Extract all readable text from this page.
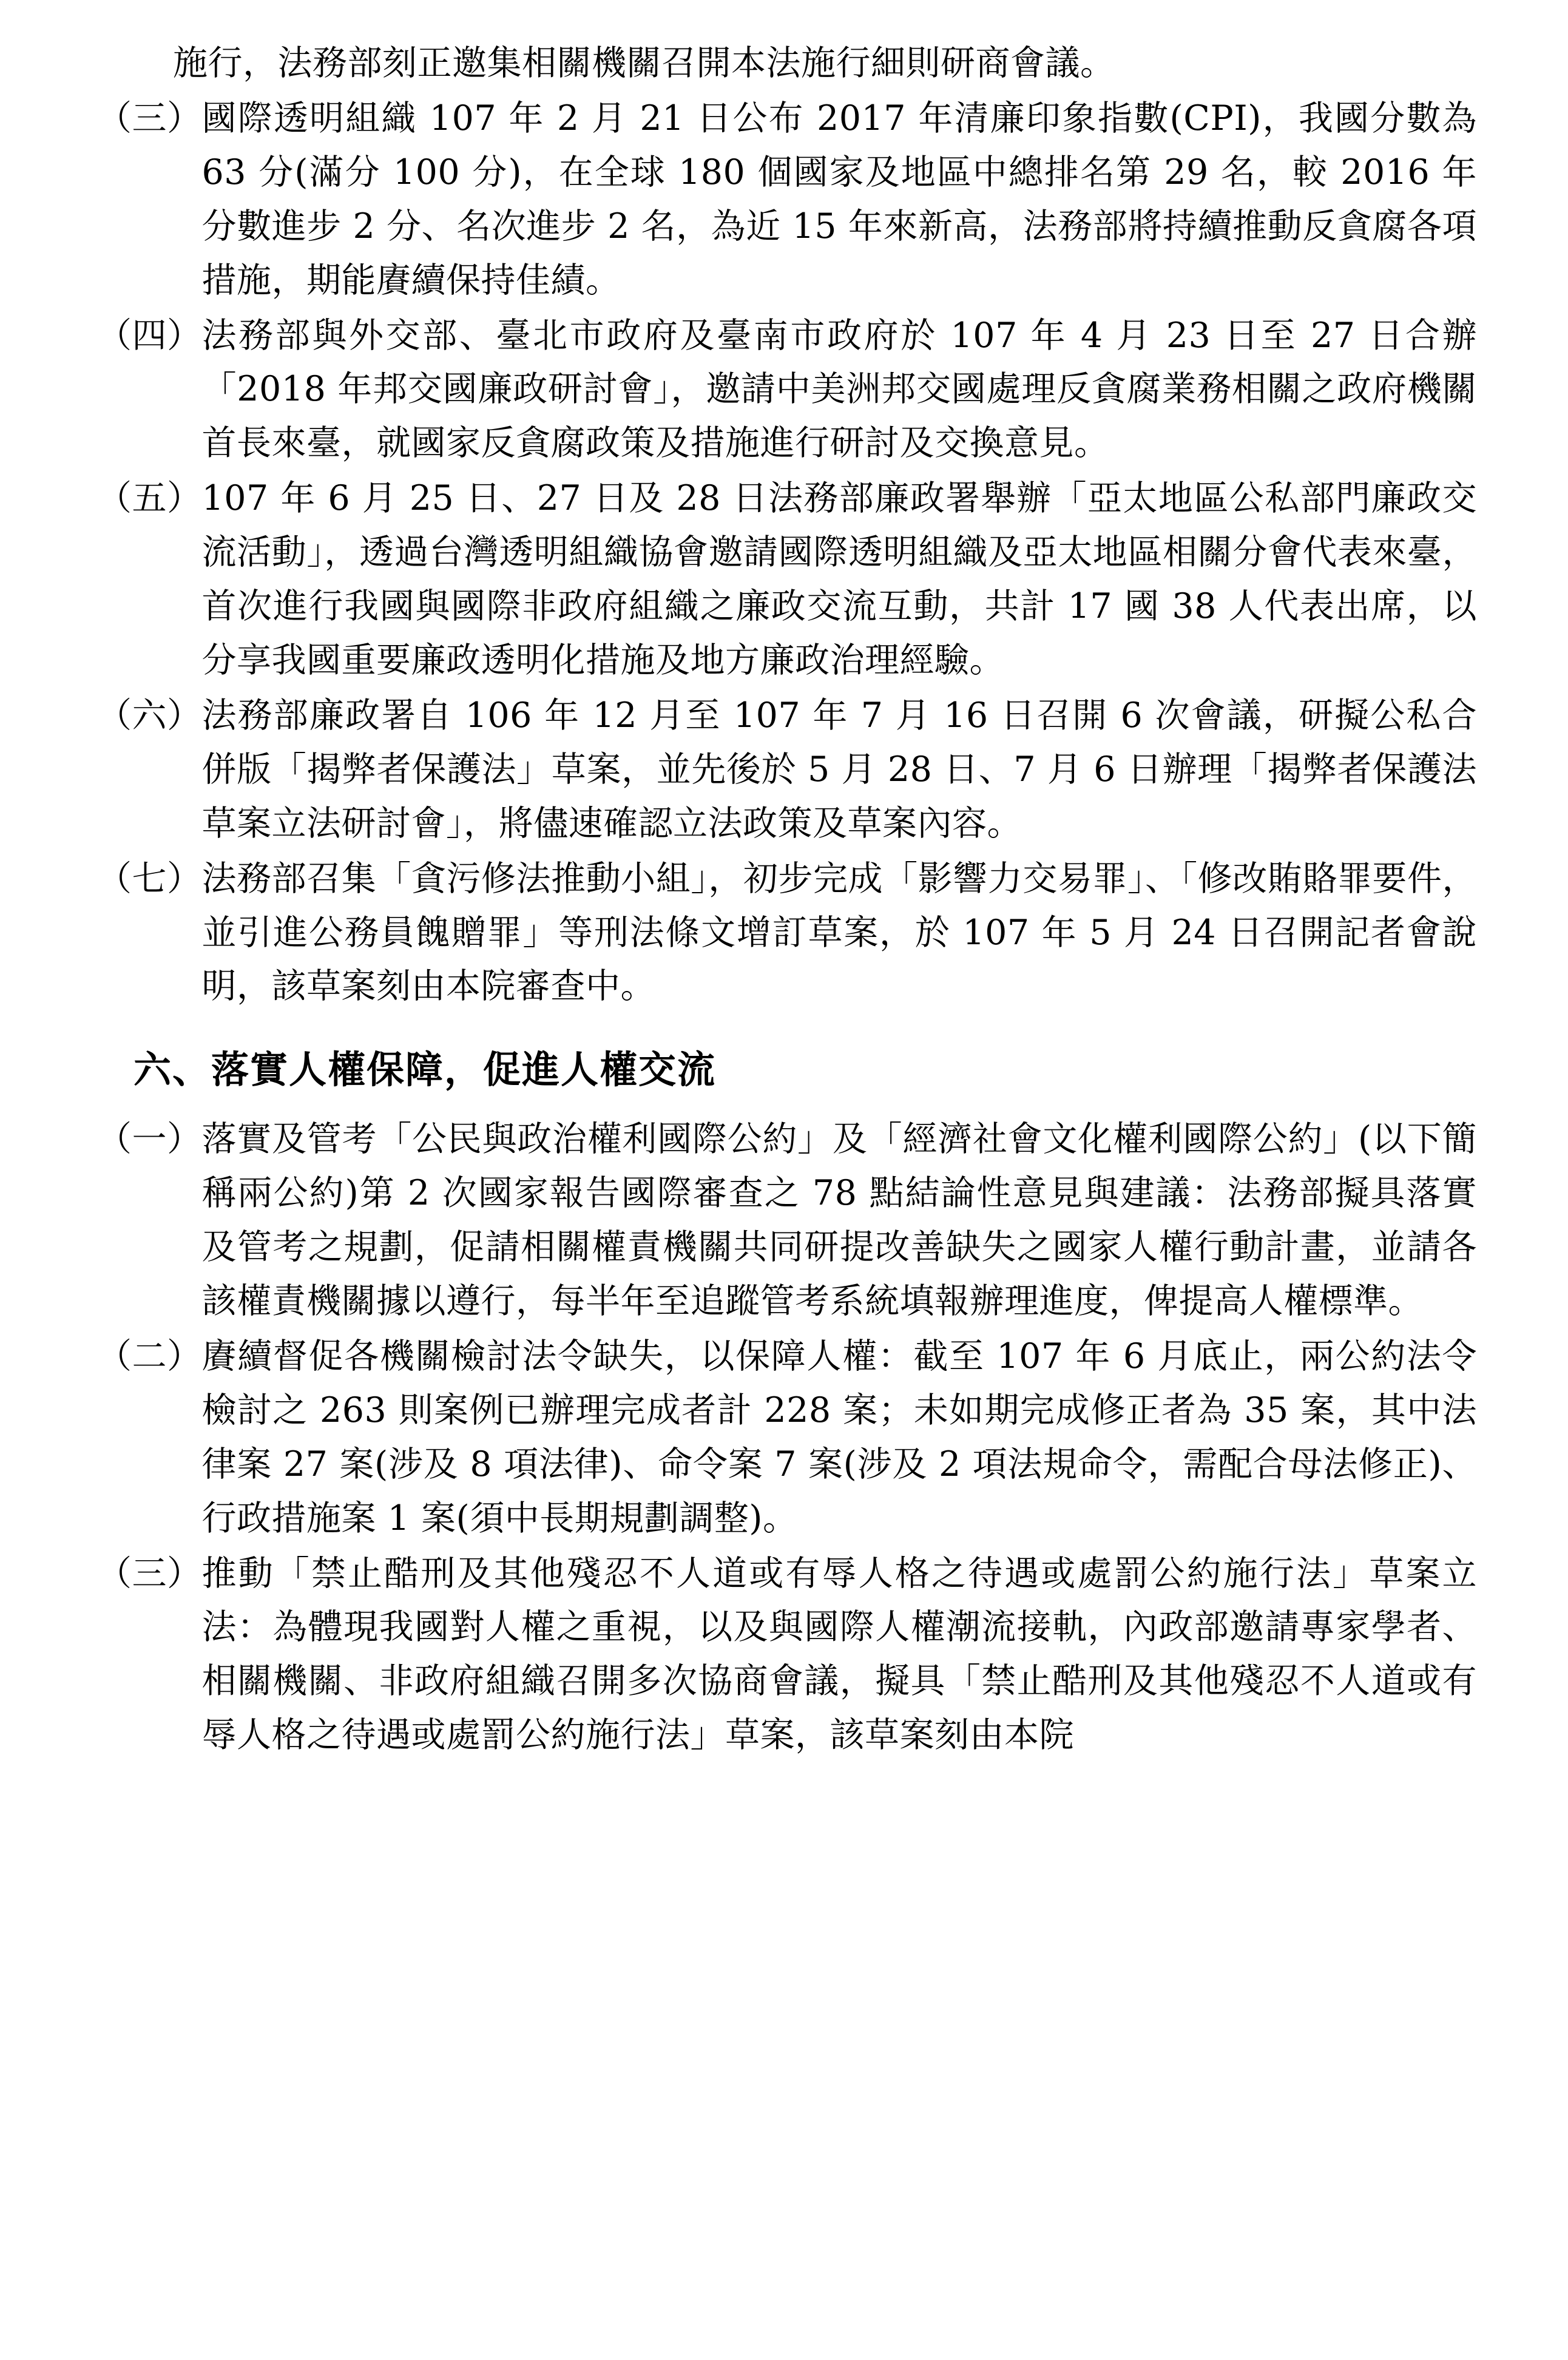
施行，法務部刻正邀集相關機關召開本法施行細則研商會議。
（三） 國際透明組織 107 年 2 月 21 日公布 2017 年清廉印象指數(CPI)，我國分數為 63 分(滿分 100 分)，在全球 180 個國家及地區中總排名第 29 名，較 2016 年分數進步 2 分、名次進步 2 名，為近 15 年來新高，法務部將持續推動反貪腐各項措施，期能賡續保持佳績。
（四） 法務部與外交部、臺北市政府及臺南市政府於 107 年 4 月 23 日至 27 日合辦「2018 年邦交國廉政研討會」，邀請中美洲邦交國處理反貪腐業務相關之政府機關首長來臺，就國家反貪腐政策及措施進行研討及交換意見。
（五） 107 年 6 月 25 日、27 日及 28 日法務部廉政署舉辦「亞太地區公私部門廉政交流活動」，透過台灣透明組織協會邀請國際透明組織及亞太地區相關分會代表來臺，首次進行我國與國際非政府組織之廉政交流互動，共計 17 國 38 人代表出席，以分享我國重要廉政透明化措施及地方廉政治理經驗。
（六） 法務部廉政署自 106 年 12 月至 107 年 7 月 16 日召開 6 次會議，研擬公私合併版「揭弊者保護法」草案，並先後於 5 月 28 日、7 月 6 日辦理「揭弊者保護法草案立法研討會」，將儘速確認立法政策及草案內容。
（七） 法務部召集「貪污修法推動小組」，初步完成「影響力交易罪」、「修改賄賂罪要件，並引進公務員餽贈罪」等刑法條文增訂草案，於 107 年 5 月 24 日召開記者會說明，該草案刻由本院審查中。
六、落實人權保障，促進人權交流
（一） 落實及管考「公民與政治權利國際公約」及「經濟社會文化權利國際公約」(以下簡稱兩公約)第 2 次國家報告國際審查之 78 點結論性意見與建議：法務部擬具落實及管考之規劃，促請相關權責機關共同研提改善缺失之國家人權行動計畫，並請各該權責機關據以遵行，每半年至追蹤管考系統填報辦理進度，俾提高人權標準。
（二） 賡續督促各機關檢討法令缺失，以保障人權：截至 107 年 6 月底止，兩公約法令檢討之 263 則案例已辦理完成者計 228 案；未如期完成修正者為 35 案，其中法律案 27 案(涉及 8 項法律)、命令案 7 案(涉及 2 項法規命令，需配合母法修正)、行政措施案 1 案(須中長期規劃調整)。
（三） 推動「禁止酷刑及其他殘忍不人道或有辱人格之待遇或處罰公約施行法」草案立法：為體現我國對人權之重視，以及與國際人權潮流接軌，內政部邀請專家學者、相關機關、非政府組織召開多次協商會議，擬具「禁止酷刑及其他殘忍不人道或有辱人格之待遇或處罰公約施行法」草案，該草案刻由本院
